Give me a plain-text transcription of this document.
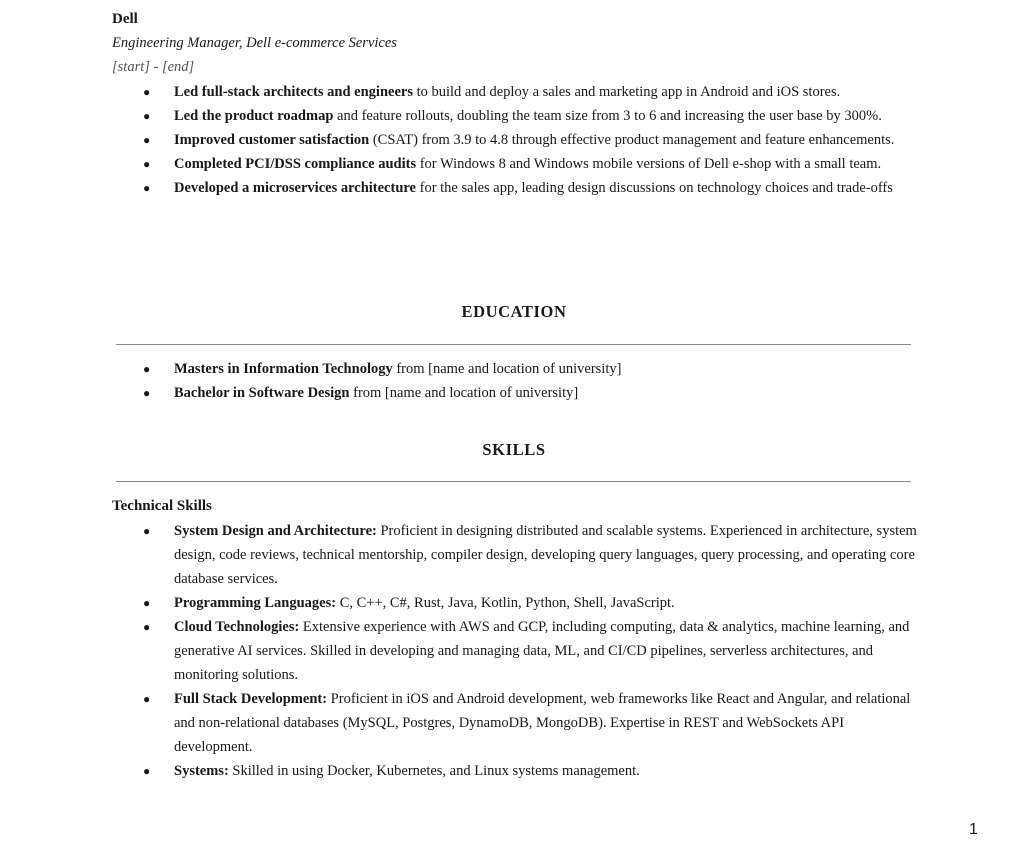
Dell
Engineering Manager, Dell e-commerce Services
[start] - [end]
● Led full-stack architects and engineers to build and deploy a sales and marketing app in Android and iOS stores.
● Led the product roadmap and feature rollouts, doubling the team size from 3 to 6 and increasing the user base by 300%.
● Improved customer satisfaction (CSAT) from 3.9 to 4.8 through effective product management and feature enhancements.
● Completed PCI/DSS compliance audits for Windows 8 and Windows mobile versions of Dell e-shop with a small team.
● Developed a microservices architecture for the sales app, leading design discussions on technology choices and trade-offs
EDUCATION
● Masters in Information Technology from [name and location of university]
● Bachelor in Software Design from [name and location of university]
SKILLS
Technical Skills
● System Design and Architecture: Proficient in designing distributed and scalable systems. Experienced in architecture, system design, code reviews, technical mentorship, compiler design, developing query languages, query processing, and operating core database services.
● Programming Languages: C, C++, C#, Rust, Java, Kotlin, Python, Shell, JavaScript.
● Cloud Technologies: Extensive experience with AWS and GCP, including computing, data & analytics, machine learning, and generative AI services. Skilled in developing and managing data, ML, and CI/CD pipelines, serverless architectures, and monitoring solutions.
● Full Stack Development: Proficient in iOS and Android development, web frameworks like React and Angular, and relational and non-relational databases (MySQL, Postgres, DynamoDB, MongoDB). Expertise in REST and WebSockets API development.
● Systems: Skilled in using Docker, Kubernetes, and Linux systems management.
1
